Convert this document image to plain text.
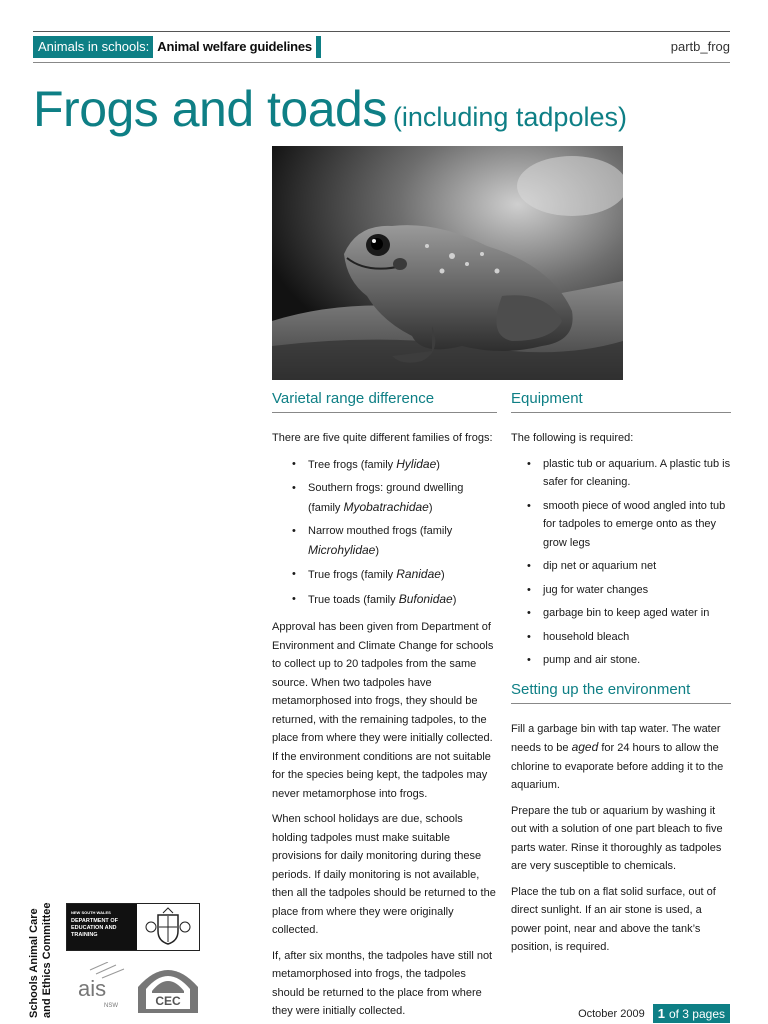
Animals in schools: Animal welfare guidelines	partb_frog
Frogs and toads (including tadpoles)
Varietal range difference

There are five quite different families of frogs:

• Tree frogs (family Hylidae)
• Southern frogs: ground dwelling (family Myobatrachidae)
• Narrow mouthed frogs (family Microhylidae)
• True frogs (family Ranidae)
• True toads (family Bufonidae)

Approval has been given from Department of Environment and Climate Change for schools to collect up to 20 tadpoles from the same source. When two tadpoles have metamorphosed into frogs, they should be returned, with the remaining tadpoles, to the place from where they were initially collected. If the environment conditions are not suitable for the species being kept, the tadpoles may never metamorphose into frogs.

When school holidays are due, schools holding tadpoles must make suitable provisions for daily monitoring during these periods. If daily monitoring is not available, then all the tadpoles should be returned to the place from where they were originally collected.

If, after six months, the tadpoles have still not metamorphosed into frogs, the tadpoles should be returned to the place from where they were initially collected.

Equipment

The following is required:

• plastic tub or aquarium. A plastic tub is safer for cleaning.
• smooth piece of wood angled into tub for tadpoles to emerge onto as they grow legs
• dip net or aquarium net
• jug for water changes
• garbage bin to keep aged water in
• household bleach
• pump and air stone.
Setting up the environment

Fill a garbage bin with tap water. The water needs to be aged for 24 hours to allow the chlorine to evaporate before adding it to the aquarium.

Prepare the tub or aquarium by washing it out with a solution of one part bleach to five parts water. Rinse it thoroughly as tadpoles are very susceptible to chemicals.

Place the tub on a flat solid surface, out of direct sunlight. If an air stone is used, a power point, near and above the tank’s position, is required.

Schools Animal Care and Ethics Committee	NEW SOUTH WALES
DEPARTMENT OF EDUCATION AND TRAINING
ais
NSW	CEC
October 2009 1 of 3 pages
